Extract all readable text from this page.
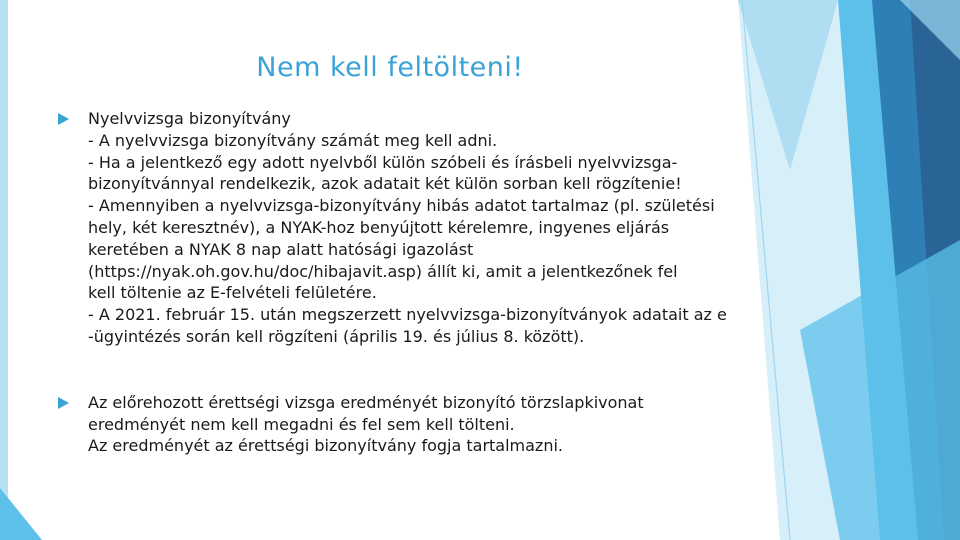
Nem kell feltölteni!
Nyelvvizsga bizonyítvány
- A nyelvvizsga bizonyítvány számát meg kell adni.
- Ha a jelentkező egy adott nyelvből külön szóbeli és írásbeli nyelvvizsga-
bizonyítvánnyal rendelkezik, azok adatait két külön sorban kell rögzítenie!
- Amennyiben a nyelvvizsga-bizonyítvány hibás adatot tartalmaz (pl. születési
hely, két keresztnév), a NYAK-hoz benyújtott kérelemre, ingyenes eljárás
keretében a NYAK 8 nap alatt hatósági igazolást
(https://nyak.oh.gov.hu/doc/hibajavit.asp) állít ki, amit a jelentkezőnek fel
kell töltenie az E-felvételi felületére.
- A 2021. február 15. után megszerzett nyelvvizsga-bizonyítványok adatait az e
-ügyintézés során kell rögzíteni (április 19. és július 8. között).
Az előrehozott érettségi vizsga eredményét bizonyító törzslapkivonat
eredményét nem kell megadni és fel sem kell tölteni.
Az eredményét az érettségi bizonyítvány fogja tartalmazni.
